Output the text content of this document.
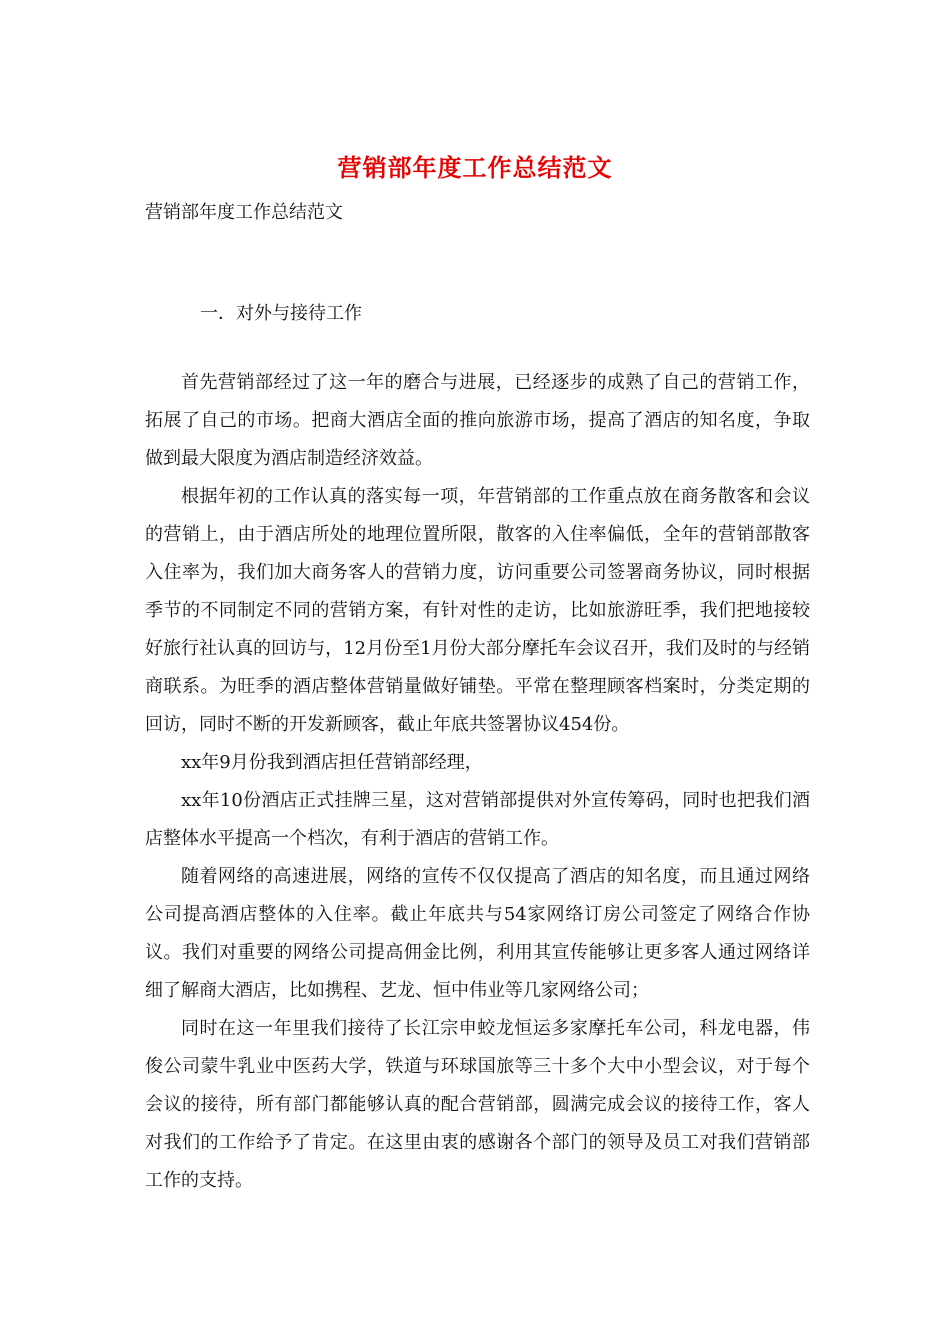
营销部年度工作总结范文

营销部年度工作总结范文

一．对外与接待工作

首先营销部经过了这一年的磨合与进展，已经逐步的成熟了自己的营销工作，拓展了自己的市场。把商大酒店全面的推向旅游市场，提高了酒店的知名度，争取做到最大限度为酒店制造经济效益。

根据年初的工作认真的落实每一项，年营销部的工作重点放在商务散客和会议的营销上，由于酒店所处的地理位置所限，散客的入住率偏低，全年的营销部散客入住率为，我们加大商务客人的营销力度，访问重要公司签署商务协议，同时根据季节的不同制定不同的营销方案，有针对性的走访，比如旅游旺季，我们把地接较好旅行社认真的回访与，12月份至1月份大部分摩托车会议召开，我们及时的与经销商联系。为旺季的酒店整体营销量做好铺垫。平常在整理顾客档案时，分类定期的回访，同时不断的开发新顾客，截止年底共签署协议454份。

xx年9月份我到酒店担任营销部经理，

xx年10份酒店正式挂牌三星，这对营销部提供对外宣传筹码，同时也把我们酒店整体水平提高一个档次，有利于酒店的营销工作。

随着网络的高速进展，网络的宣传不仅仅提高了酒店的知名度，而且通过网络公司提高酒店整体的入住率。截止年底共与54家网络订房公司签定了网络合作协议。我们对重要的网络公司提高佣金比例，利用其宣传能够让更多客人通过网络详细了解商大酒店，比如携程、艺龙、恒中伟业等几家网络公司；

同时在这一年里我们接待了长江宗申蛟龙恒运多家摩托车公司，科龙电器，伟俊公司蒙牛乳业中医药大学，铁道与环球国旅等三十多个大中小型会议，对于每个会议的接待，所有部门都能够认真的配合营销部，圆满完成会议的接待工作，客人对我们的工作给予了肯定。在这里由衷的感谢各个部门的领导及员工对我们营销部工作的支持。
